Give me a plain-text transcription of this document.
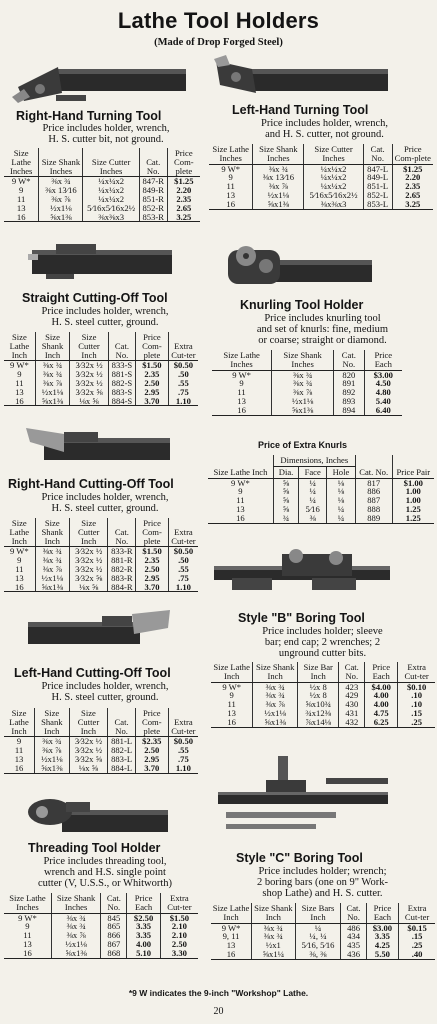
Lathe Tool Holders
(Made of Drop Forged Steel)
Right-Hand Turning Tool
Price includes holder, wrench,
H. S. cutter bit, not ground.
Size Lathe Inches	Size Shank Inches	Size Cutter Inches	Cat. No.	Price Com-plete
9 W*	⅜x ¾	¼x¼x2	847-R	$1.25
9	⅜x 13⁄16	¼x¼x2	849-R	2.20
11	⅜x ⅞	¼x¼x2	851-R	2.35
13	½x1⅛	5⁄16x5⁄16x2½	852-R	2.65
16	⅝x1⅜	⅜x⅜x3	853-R	3.25
Left-Hand Turning Tool
Price includes holder, wrench,
and H. S. cutter, not ground.
Size Lathe Inches	Size Shank Inches	Size Cutter Inches	Cat. No.	Price Com-plete
9 W*	⅜x ¾	¼x¼x2	847-L	$1.25
9	⅜x 13⁄16	¼x¼x2	849-L	2.20
11	⅜x ⅞	¼x¼x2	851-L	2.35
13	½x1⅛	5⁄16x5⁄16x2½	852-L	2.65
16	⅝x1⅜	⅜x⅜x3	853-L	3.25
Straight Cutting-Off Tool
Price includes holder, wrench,
H. S. steel cutter, ground.
Size Lathe Inch	Size Shank Inch	Size Cutter Inch	Cat. No.	Price Com-plete	Extra Cut-ter
9 W*	⅜x ¾	3⁄32x ½	833-S	$1.50	$0.50
9	⅜x ¾	3⁄32x ½	881-S	2.35	.50
11	⅜x ⅞	3⁄32x ½	882-S	2.50	.55
13	½x1⅛	3⁄32x ⅝	883-S	2.95	.75
16	⅝x1⅜	⅛x ⅝	884-S	3.70	1.10
Knurling Tool Holder
Price includes knurling tool
and set of knurls: fine, medium
or coarse; straight or diamond.
Size Lathe Inches	Size Shank Inches	Cat. No.	Price Each
9 W*	⅜x ¾	820	$3.00
9	⅜x ¾	891	4.50
11	⅜x ⅞	892	4.80
13	½x1⅛	893	5.40
16	⅝x1⅜	894	6.40
Price of Extra Knurls
Size Lathe Inch	Dimensions, Inches			Cat. No.	Price Pair
	Dia.	Face	Hole		
9 W*	⅝	¼	⅛	817	$1.00
9	⅝	¼	⅛	886	1.00
11	⅝	¼	⅛	887	1.00
13	⅝	5⁄16	¼	888	1.25
16	¾	⅜	¼	889	1.25
Right-Hand Cutting-Off Tool
Price includes holder, wrench,
H. S. steel cutter, ground.
Size Lathe Inch	Size Shank Inch	Size Cutter Inch	Cat. No.	Price Com-plete	Extra Cut-ter
9 W*	⅜x ¾	3⁄32x ½	833-R	$1.50	$0.50
9	⅜x ¾	3⁄32x ½	881-R	2.35	.50
11	⅜x ⅞	3⁄32x ½	882-R	2.50	.55
13	½x1⅛	3⁄32x ⅝	883-R	2.95	.75
16	⅝x1⅜	⅛x ⅝	884-R	3.70	1.10
Style "B" Boring Tool
Price includes holder; sleeve
bar; end cap; 2 wrenches; 2
unground cutter bits.
Size Lathe Inch	Size Shank Inch	Size Bar Inch	Cat. No.	Price Each	Extra Cut-ter
9 W*	⅜x ¾	½x 8	423	$4.00	$0.10
9	⅜x ¾	½x 8	429	4.00	.10
11	⅜x ⅞	⅝x10¾	430	4.00	.10
13	½x1⅛	¾x12⅜	431	4.75	.15
16	⅝x1⅜	⅞x14⅛	432	6.25	.25
Left-Hand Cutting-Off Tool
Price includes holder, wrench,
H. S. steel cutter, ground.
Size Lathe Inch	Size Shank Inch	Size Cutter Inch	Cat. No.	Price Com-plete	Extra Cut-ter
9	⅜x ¾	3⁄32x ½	881-L	$2.35	$0.50
11	⅜x ⅞	3⁄32x ½	882-L	2.50	.55
13	½x1⅛	3⁄32x ⅝	883-L	2.95	.75
16	⅝x1⅜	⅛x ⅝	884-L	3.70	1.10
Style "C" Boring Tool
Price includes holder; wrench;
2 boring bars (one on 9" Work-
shop Lathe) and H. S. cutter.
Size Lathe Inch	Size Shank Inch	Size Bars Inch	Cat. No.	Price Each	Extra Cut-ter
9 W*	⅜x ¾	¼	486	$3.00	$0.15
9, 11	⅜x ¾	¼, ¼	434	3.35	.15
13	½x1	5⁄16, 5⁄16	435	4.25	.25
16	⅝x1¼	⅜, ⅜	436	5.50	.40
Threading Tool Holder
Price includes threading tool,
wrench and H.S. single point
cutter (V, U.S.S., or Whitworth)
Size Lathe Inches	Size Shank Inches	Cat. No.	Price Each	Extra Cut-ter
9 W*	⅜x ¾	845	$2.50	$1.50
9	⅜x ¾	865	3.35	2.10
11	⅜x ⅞	866	3.35	2.10
13	½x1⅛	867	4.00	2.50
16	⅝x1⅜	868	5.10	3.30
*9 W indicates the 9-inch "Workshop" Lathe.
20
